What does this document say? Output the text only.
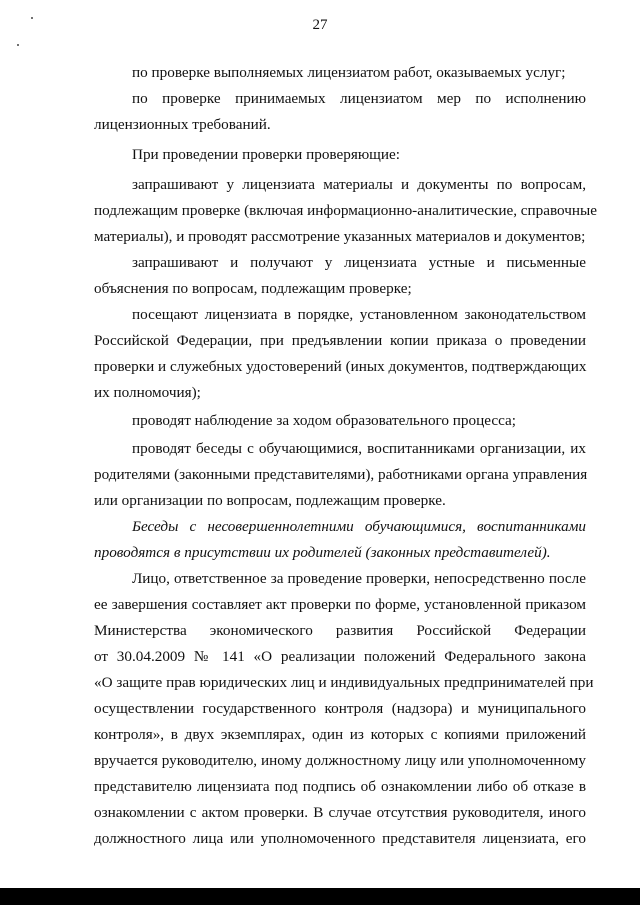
27
по проверке выполняемых лицензиатом работ, оказываемых услуг;
по проверке принимаемых лицензиатом мер по исполнению
лицензионных требований.
При проведении проверки проверяющие:
запрашивают у лицензиата материалы и документы по вопросам,
подлежащим проверке (включая информационно-аналитические, справочные
материалы), и проводят рассмотрение указанных материалов и документов;
запрашивают и получают у лицензиата устные и письменные
объяснения по вопросам, подлежащим проверке;
посещают лицензиата в порядке, установленном законодательством
Российской Федерации, при предъявлении копии приказа о проведении
проверки и служебных удостоверений (иных документов, подтверждающих
их полномочия);
проводят наблюдение за ходом образовательного процесса;
проводят беседы с обучающимися, воспитанниками организации, их
родителями (законными представителями), работниками органа управления
или организации по вопросам, подлежащим проверке.
Беседы с несовершеннолетними обучающимися, воспитанниками
проводятся в присутствии их родителей (законных представителей).
Лицо, ответственное за проведение проверки, непосредственно после
ее завершения составляет акт проверки по форме, установленной приказом
Министерства экономического развития Российской Федерации
от 30.04.2009 № 141 «О реализации положений Федерального закона
«О защите прав юридических лиц и индивидуальных предпринимателей при
осуществлении государственного контроля (надзора) и муниципального
контроля», в двух экземплярах, один из которых с копиями приложений
вручается руководителю, иному должностному лицу или уполномоченному
представителю лицензиата под подпись об ознакомлении либо об отказе в
ознакомлении с актом проверки. В случае отсутствия руководителя, иного
должностного лица или уполномоченного представителя лицензиата, его
